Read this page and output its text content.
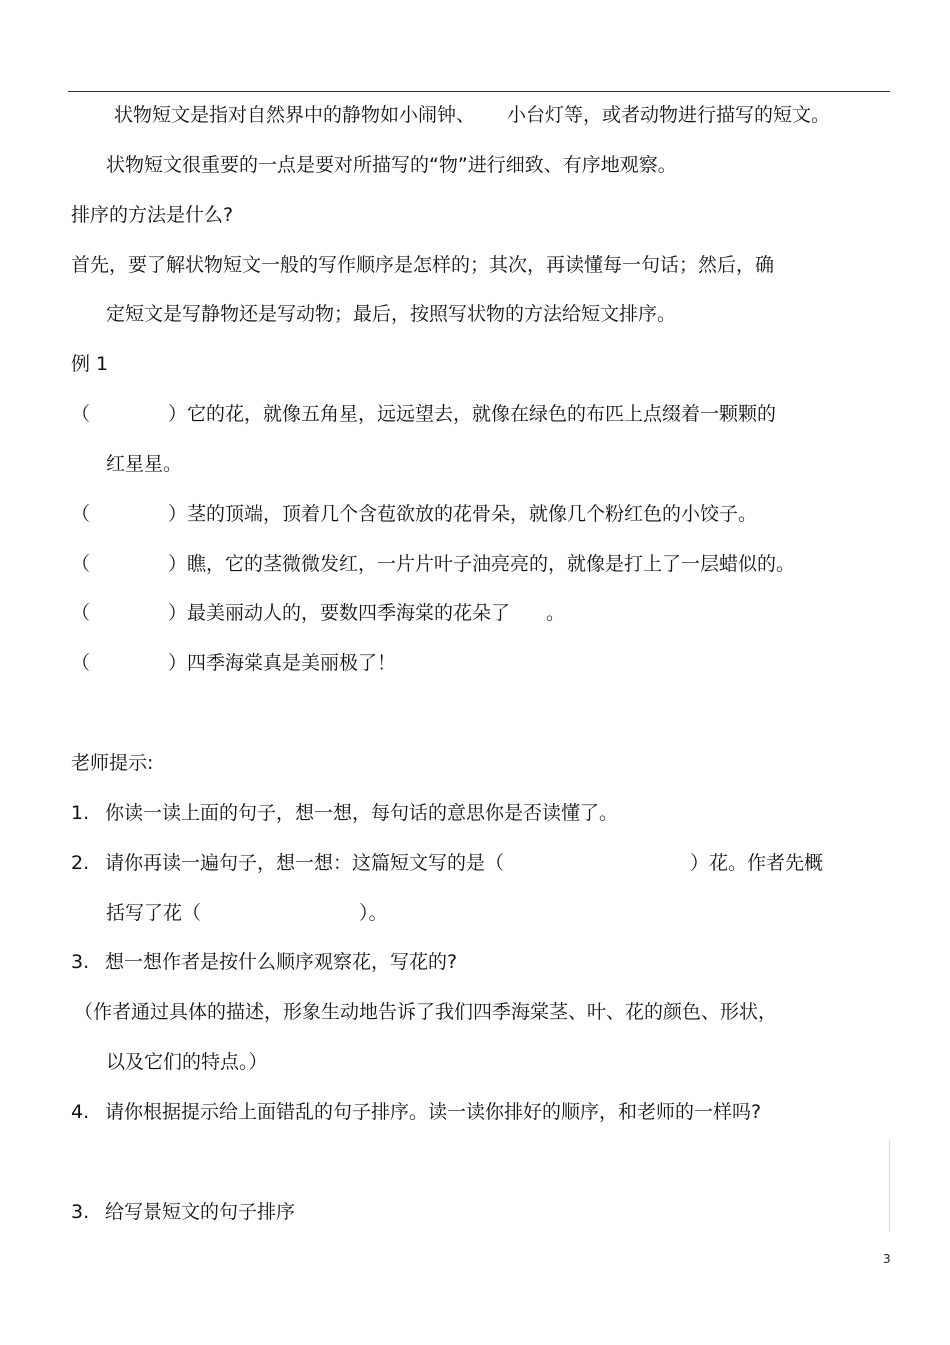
状物短文是指对自然界中的静物如小闹钟、 小台灯等，或者动物进行描写的短文。
状物短文很重要的一点是要对所描写的“物”进行细致、有序地观察。
排序的方法是什么?
首先，要了解状物短文一般的写作顺序是怎样的；其次，再读懂每一句话；然后，确
定短文是写静物还是写动物；最后，按照写状物的方法给短文排序。
例 1
（	）它的花，就像五角星，远远望去，就像在绿色的布匹上点缀着一颗颗的
红星星。
（	）茎的顶端，顶着几个含苞欲放的花骨朵，就像几个粉红色的小饺子。
（	）瞧，它的茎微微发红，一片片叶子油亮亮的，就像是打上了一层蜡似的。
（	）最美丽动人的，要数四季海棠的花朵了 。
（	）四季海棠真是美丽极了！
老师提示:
1. 你读一读上面的句子，想一想，每句话的意思你是否读懂了。
2. 请你再读一遍句子，想一想：这篇短文写的是（	）花。作者先概
括写了花（	）。
3. 想一想作者是按什么顺序观察花，写花的?
（作者通过具体的描述，形象生动地告诉了我们四季海棠茎、叶、花的颜色、形状，
以及它们的特点。）
4. 请你根据提示给上面错乱的句子排序。读一读你排好的顺序，和老师的一样吗?
3. 给写景短文的句子排序
3
